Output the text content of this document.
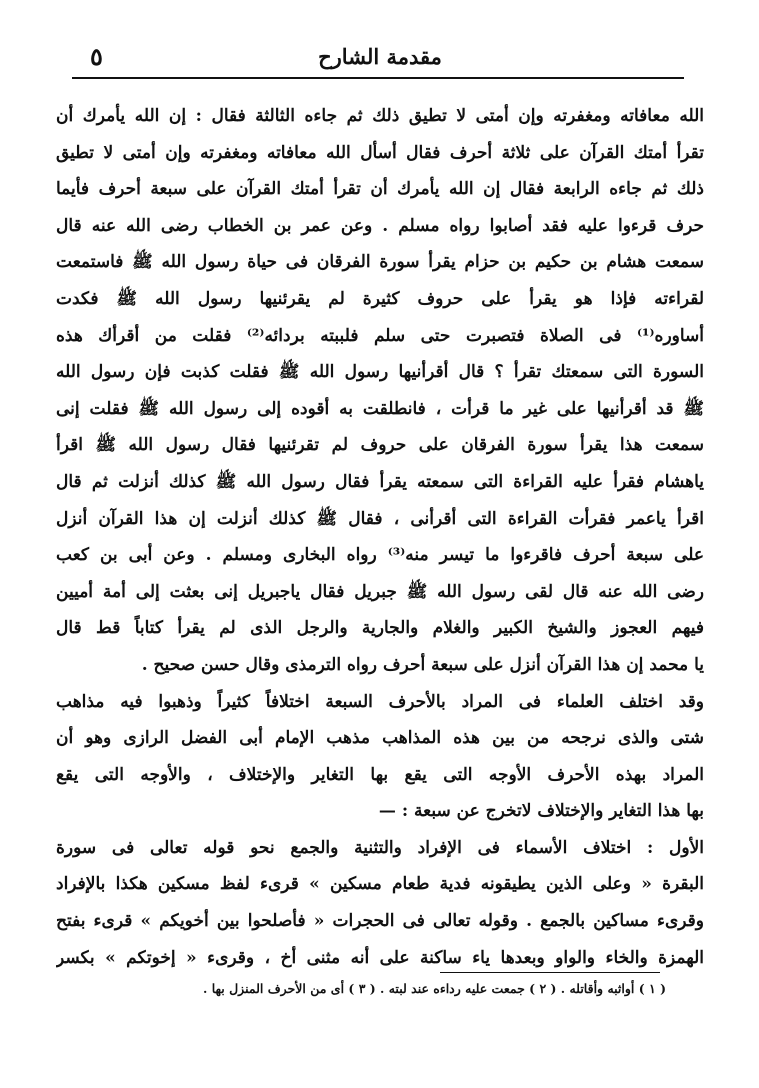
مقدمة الشارح
٥
الله معافاته ومغفرته وإن أمتى لا تطيق ذلك ثم جاءه الثالثة فقال : إن الله يأمرك أن
تقرأ أمتك القرآن على ثلاثة أحرف فقال أسأل الله معافاته ومغفرته وإن أمتى لا تطيق
ذلك ثم جاءه الرابعة فقال إن الله يأمرك أن تقرأ أمتك القرآن على سبعة أحرف فأيما
حرف قرءوا عليه فقد أصابوا رواه مسلم . وعن عمر بن الخطاب رضى الله عنه قال
سمعت هشام بن حكيم بن حزام يقرأ سورة الفرقان فى حياة رسول الله ﷺ فاستمعت
لقراءته فإذا هو يقرأ على حروف كثيرة لم يقرئنيها رسول الله ﷺ فكدت
أساوره⁽¹⁾ فى الصلاة فتصبرت حتى سلم فلببته بردائه⁽²⁾ فقلت من أقرأك هذه
السورة التى سمعتك تقرأ ؟ قال أقرأنيها رسول الله ﷺ فقلت كذبت فإن رسول الله
ﷺ قد أقرأنيها على غير ما قرأت ، فانطلقت به أقوده إلى رسول الله ﷺ فقلت إنى
سمعت هذا يقرأ سورة الفرقان على حروف لم تقرئنيها فقال رسول الله ﷺ اقرأ
ياهشام فقرأ عليه القراءة التى سمعته يقرأ فقال رسول الله ﷺ كذلك أنزلت ثم قال
اقرأ ياعمر فقرأت القراءة التى أقرأنى ، فقال ﷺ كذلك أنزلت إن هذا القرآن أنزل
على سبعة أحرف فاقرءوا ما تيسر منه⁽³⁾ رواه البخارى ومسلم . وعن أبى بن كعب
رضى الله عنه قال لقى رسول الله ﷺ جبريل فقال ياجبريل إنى بعثت إلى أمة أميين
فيهم العجوز والشيخ الكبير والغلام والجارية والرجل الذى لم يقرأ كتاباً قط قال
يا محمد إن هذا القرآن أنزل على سبعة أحرف رواه الترمذى وقال حسن صحيح .
وقد اختلف العلماء فى المراد بالأحرف السبعة اختلافاً كثيراً وذهبوا فيه مذاهب
شتى والذى نرجحه من بين هذه المذاهب مذهب الإمام أبى الفضل الرازى وهو أن
المراد بهذه الأحرف الأوجه التى يقع بها التغاير والإختلاف ، والأوجه التى يقع
بها هذا التغاير والإختلاف لاتخرج عن سبعة : —
الأول : اختلاف الأسماء فى الإفراد والتثنية والجمع نحو قوله تعالى فى سورة
البقرة « وعلى الذين يطيقونه فدية طعام مسكين » قرىء لفظ مسكين هكذا بالإفراد
وقرىء مساكين بالجمع . وقوله تعالى فى الحجرات « فأصلحوا بين أخويكم » قرىء بفتح
الهمزة والخاء والواو وبعدها ياء ساكنة على أنه مثنى أخ ، وقرىء « إخوتكم » بكسر
( ١ ) أواثبه وأقاتله . ( ٢ ) جمعت عليه رداءه عند لبته . ( ٣ ) أى من الأحرف المنزل بها .
